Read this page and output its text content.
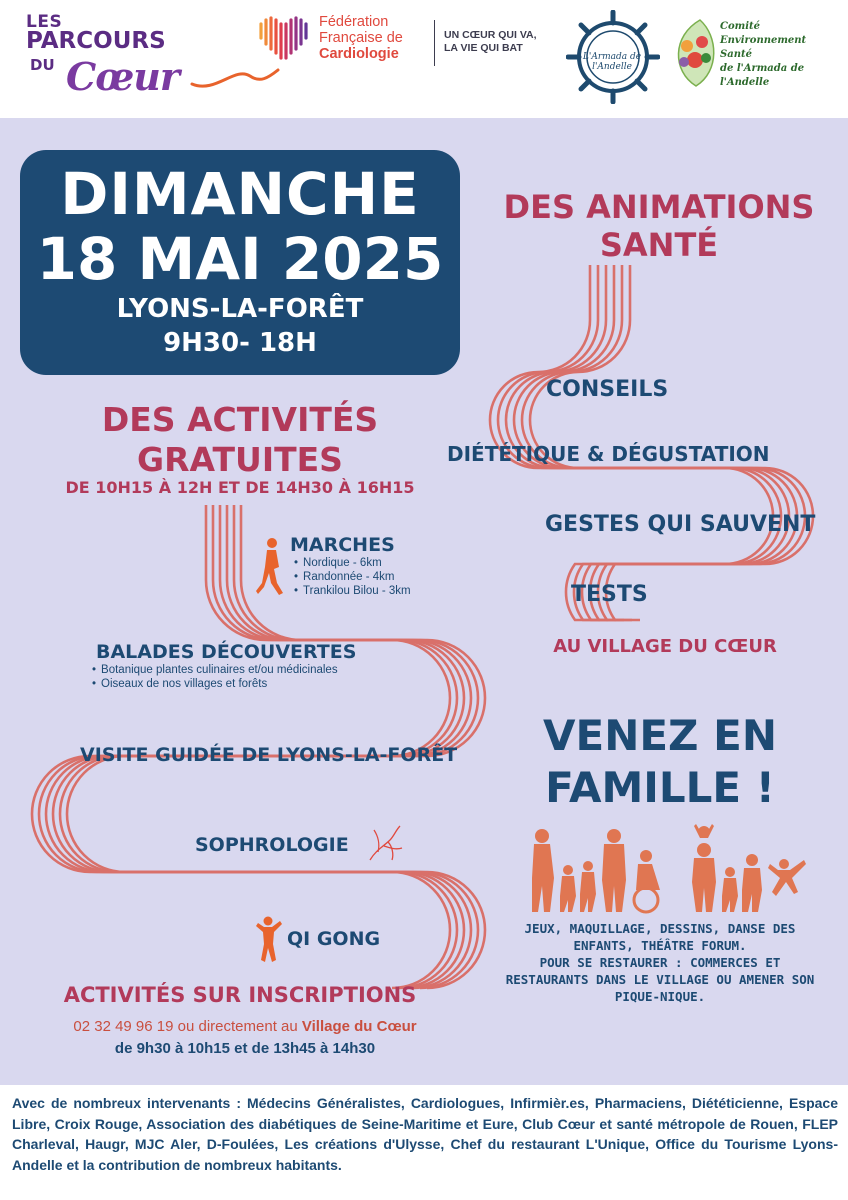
LES
PARCOURS
DU Cœur
Fédération
Française de
Cardiologie
UN CŒUR QUI VA,
LA VIE QUI BAT
L'Armada de l'Andelle
Comité
Environnement
Santé
de l'Armada de l'Andelle
DIMANCHE
18 MAI 2025
LYONS-LA-FORÊT
9H30- 18H
DES ANIMATIONS
SANTÉ
CONSEILS
DIÉTÉTIQUE & DÉGUSTATION
GESTES QUI SAUVENT
TESTS
AU VILLAGE DU CŒUR
DES ACTIVITÉS
GRATUITES
DE 10H15 À 12H ET DE 14H30 À 16H15
MARCHES
• Nordique - 6km
• Randonnée - 4km
• Trankilou Bilou - 3km
BALADES DÉCOUVERTES
• Botanique plantes culinaires et/ou médicinales
• Oiseaux de nos villages et forêts
VISITE GUIDÉE DE LYONS-LA-FORÊT
SOPHROLOGIE
QI GONG
VENEZ EN
FAMILLE !
JEUX, MAQUILLAGE, DESSINS, DANSE DES ENFANTS, THÉÂTRE FORUM.
POUR SE RESTAURER : COMMERCES ET RESTAURANTS DANS LE VILLAGE OU AMENER SON PIQUE-NIQUE.
ACTIVITÉS SUR INSCRIPTIONS
02 32 49 96 19 ou directement au Village du Cœur
de 9h30 à 10h15 et de 13h45 à 14h30
Avec de nombreux intervenants : Médecins Généralistes, Cardiologues, Infirmièr.es, Pharmaciens, Diététicienne, Espace Libre, Croix Rouge, Association des diabétiques de Seine-Maritime et Eure, Club Cœur et santé métropole de Rouen, FLEP Charleval, Haugr, MJC Aler, D-Foulées, Les créations d'Ulysse, Chef du restaurant L'Unique, Office du Tourisme Lyons-Andelle et la contribution de nombreux habitants.
